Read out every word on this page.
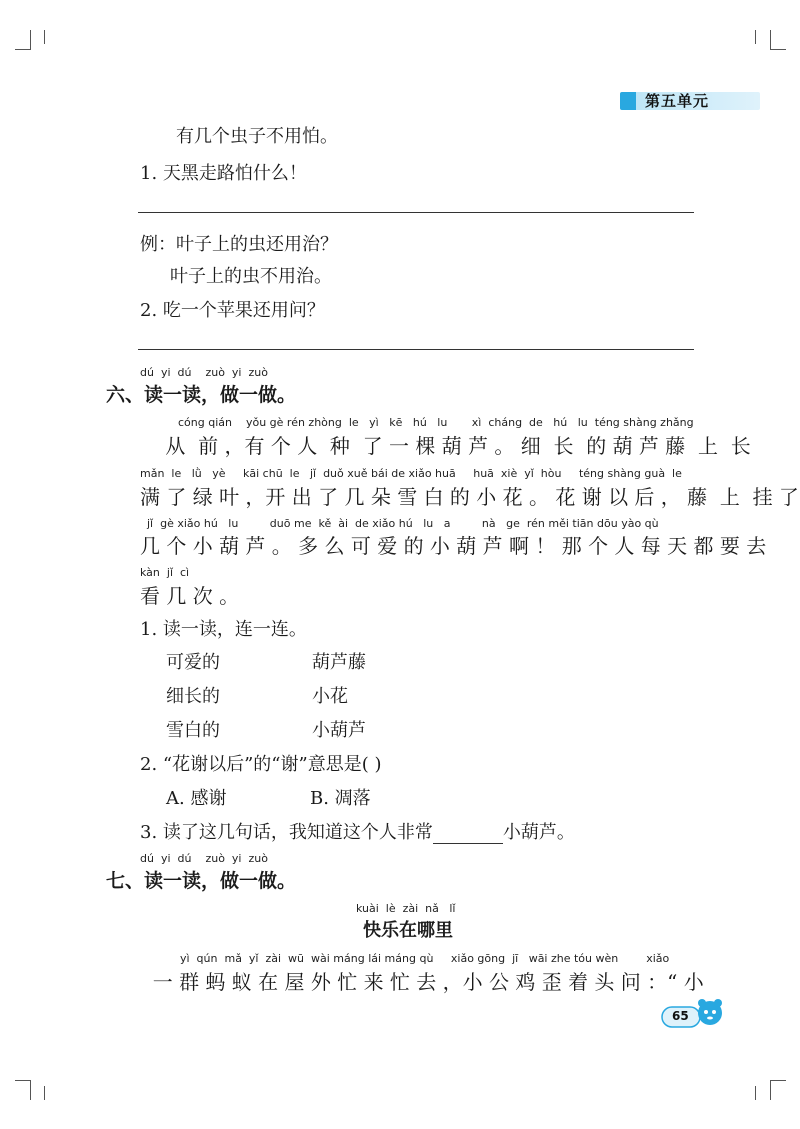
第五单元
有几个虫子不用怕。
1. 天黑走路怕什么！
例：叶子上的虫还用治？
叶子上的虫不用治。
2. 吃一个苹果还用问？
dú  yi  dú    zuò  yi  zuò
六、读一读，做一做。
cóng qián    yǒu gè rén zhòng  le   yì   kē   hú   lu       xì  cháng  de   hú   lu  téng shàng zhǎng
从  前 ，有 个 人  种  了 一 棵 葫 芦 。 细  长  的 葫 芦 藤  上  长
mǎn  le   lǜ   yè     kāi chū  le   jǐ  duǒ xuě bái de xiǎo huā     huā  xiè  yǐ  hòu     téng shàng guà  le
满 了 绿 叶 ，开 出 了 几 朵 雪 白 的 小 花 。 花 谢 以 后 ， 藤  上  挂 了
jǐ  gè xiǎo hú   lu         duō me  kě  ài  de xiǎo hú   lu   a         nà   ge  rén měi tiān dōu yào qù
几 个 小 葫 芦 。 多 么 可 爱 的 小 葫 芦 啊 ！ 那 个 人 每 天 都 要 去
kàn  jǐ  cì
看 几 次 。
1. 读一读，连一连。
可爱的	葫芦藤
细长的	小花
雪白的	小葫芦
2. “花谢以后”的“谢”意思是( )
A. 感谢	B. 凋落
3. 读了这几句话，我知道这个人非常	小葫芦。
dú  yi  dú    zuò  yi  zuò
七、读一读，做一做。
kuài  lè  zài  nǎ   lǐ
快乐在哪里
yì  qún  mǎ  yǐ  zài  wū  wài máng lái máng qù     xiǎo gōng  jī   wāi zhe tóu wèn        xiǎo
一 群 蚂 蚁 在 屋 外 忙 来 忙 去 ，小 公 鸡 歪 着 头 问 ：“ 小
65
